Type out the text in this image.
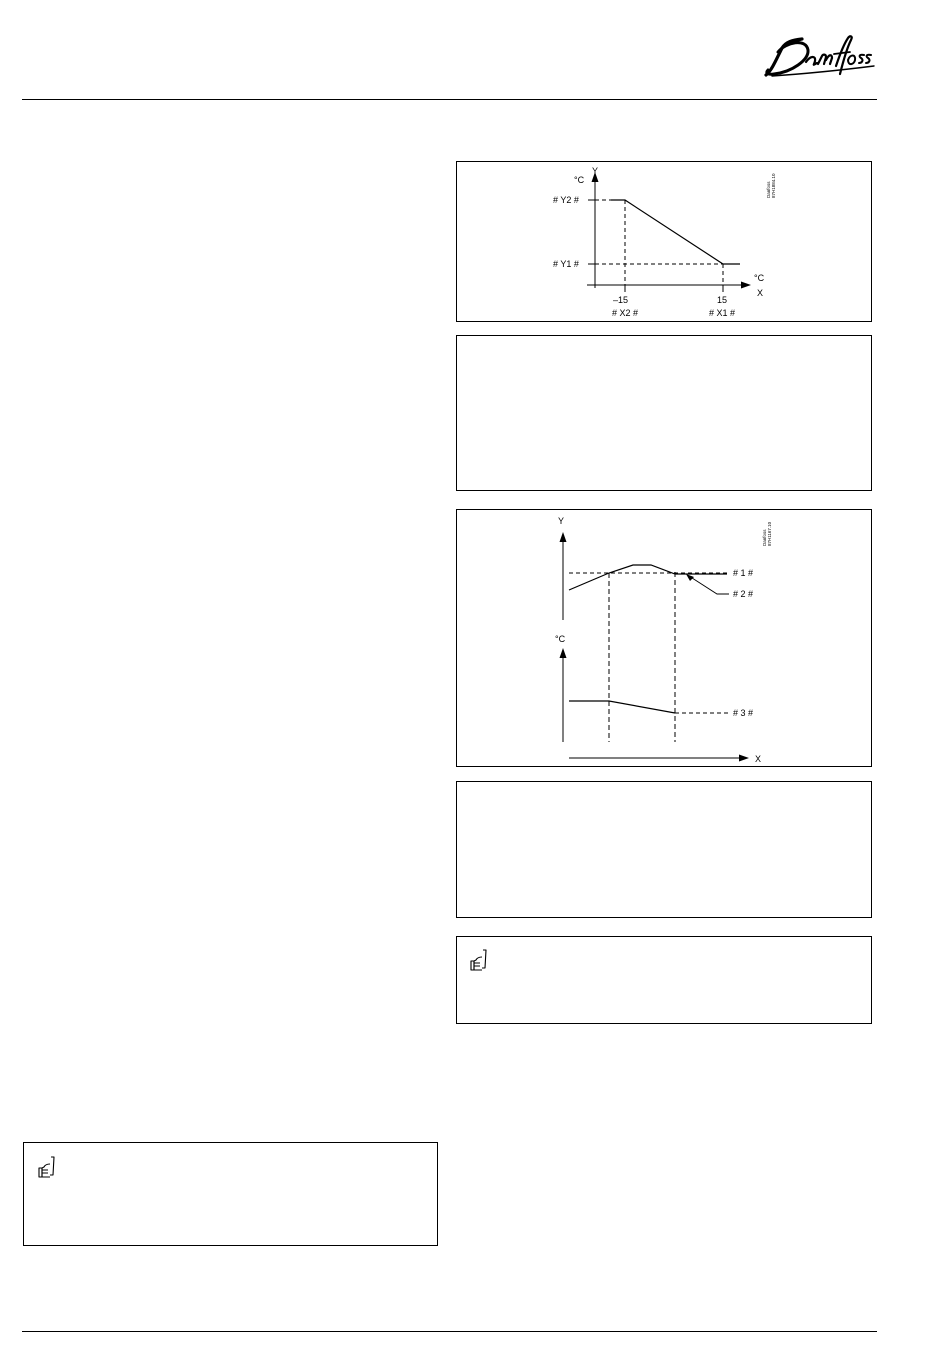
Y
°C
# Y2 #
# Y1 #
°C
X
–15	15
# X2 #	# X1 #
Danfoss 87H1884.10
Y
°C
# 1 #
# 2 #
# 3 #
X
Danfoss 87H1167.10
